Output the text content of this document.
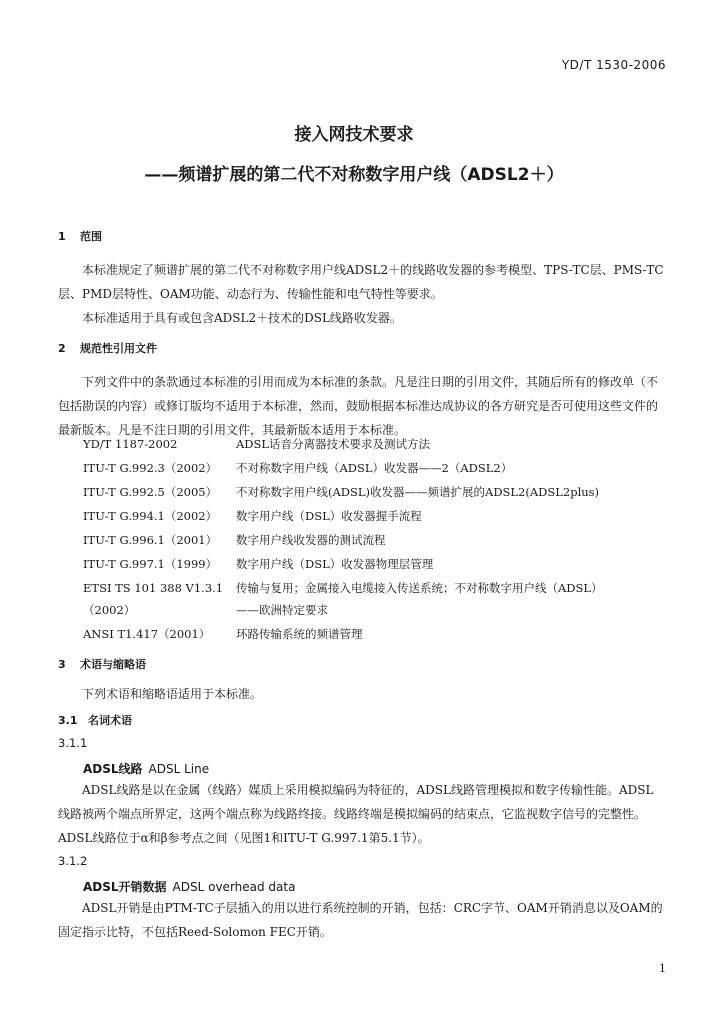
YD/T 1530-2006
接入网技术要求
——频谱扩展的第二代不对称数字用户线（ADSL2＋）
1 范围
本标准规定了频谱扩展的第二代不对称数字用户线ADSL2＋的线路收发器的参考模型、TPS-TC层、PMS-TC层、PMD层特性、OAM功能、动态行为、传输性能和电气特性等要求。
本标准适用于具有或包含ADSL2＋技术的DSL线路收发器。
2 规范性引用文件
下列文件中的条款通过本标准的引用而成为本标准的条款。凡是注日期的引用文件，其随后所有的修改单（不包括勘误的内容）或修订版均不适用于本标准，然而，鼓励根据本标准达成协议的各方研究是否可使用这些文件的最新版本。凡是不注日期的引用文件，其最新版本适用于本标准。
YD/T 1187-2002	ADSL话音分离器技术要求及测试方法
ITU-T G.992.3（2002）	不对称数字用户线（ADSL）收发器——2（ADSL2）
ITU-T G.992.5（2005）	不对称数字用户线(ADSL)收发器——频谱扩展的ADSL2(ADSL2plus)
ITU-T G.994.1（2002）	数字用户线（DSL）收发器握手流程
ITU-T G.996.1（2001）	数字用户线收发器的测试流程
ITU-T G.997.1（1999）	数字用户线（DSL）收发器物理层管理
ETSI TS 101 388 V1.3.1	传输与复用；金属接入电缆接入传送系统；不对称数字用户线（ADSL）
（2002）	——欧洲特定要求
ANSI T1.417（2001）	环路传输系统的频谱管理
3 术语与缩略语
下列术语和缩略语适用于本标准。
3.1 名词术语
3.1.1
ADSL线路 ADSL Line
ADSL线路是以在金属（线路）媒质上采用模拟编码为特征的，ADSL线路管理模拟和数字传输性能。ADSL线路被两个端点所界定，这两个端点称为线路终接。线路终端是模拟编码的结束点，它监视数字信号的完整性。ADSL线路位于α和β参考点之间（见图1和ITU-T G.997.1第5.1节）。
3.1.2
ADSL开销数据 ADSL overhead data
ADSL开销是由PTM-TC子层插入的用以进行系统控制的开销，包括：CRC字节、OAM开销消息以及OAM的固定指示比特，不包括Reed-Solomon FEC开销。
1
